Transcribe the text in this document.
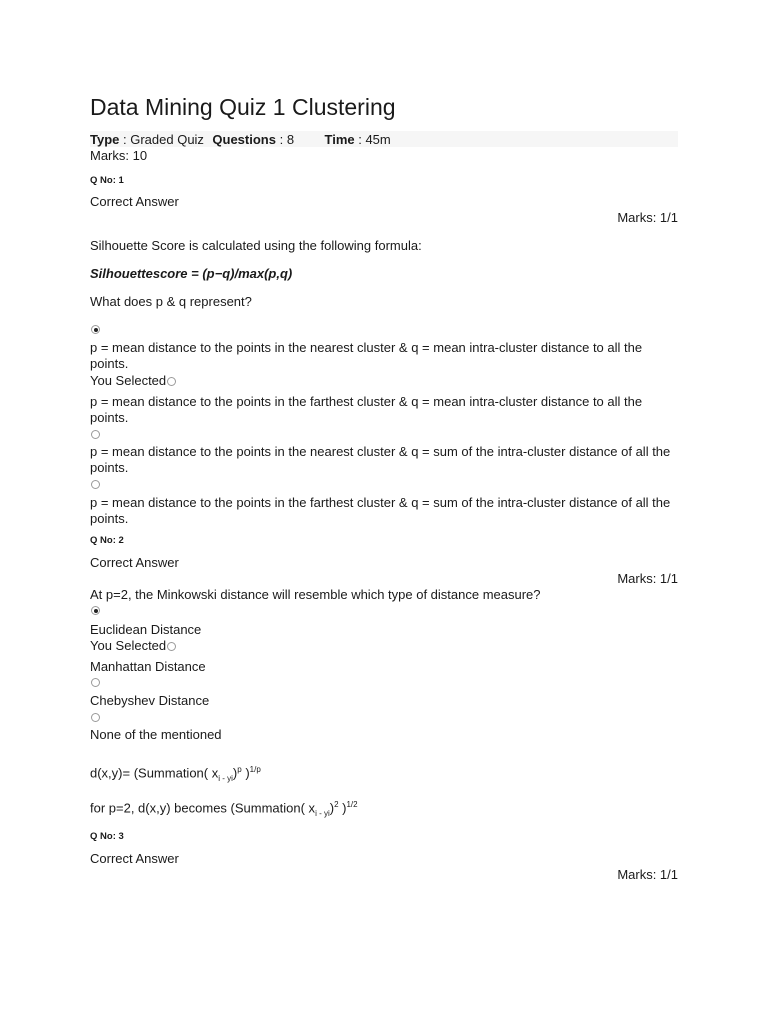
Data Mining Quiz 1 Clustering
Type : Graded Quiz Questions : 8 Time : 45m
Marks: 10
Q No: 1
Correct Answer
Marks: 1/1
Silhouette Score is calculated using the following formula:
Silhouettescore = (p−q)/max(p,q)
What does p & q represent?
p = mean distance to the points in the nearest cluster & q = mean intra-cluster distance to all the points.
You Selected
p = mean distance to the points in the farthest cluster & q = mean intra-cluster distance to all the points.
p = mean distance to the points in the nearest cluster & q = sum of the intra-cluster distance of all the points.
p = mean distance to the points in the farthest cluster & q = sum of the intra-cluster distance of all the points.
Q No: 2
Correct Answer
Marks: 1/1
At p=2, the Minkowski distance will resemble which type of distance measure?
Euclidean Distance
You Selected
Manhattan Distance
Chebyshev Distance
None of the mentioned
d(x,y)= (Summation( $x_i$ $_{- yi}$)$^p$ )$^{1/p}$
for p=2, d(x,y) becomes (Summation( $x_i$ $_{- yi}$)$^2$ )$^{1/2}$
Q No: 3
Correct Answer
Marks: 1/1
